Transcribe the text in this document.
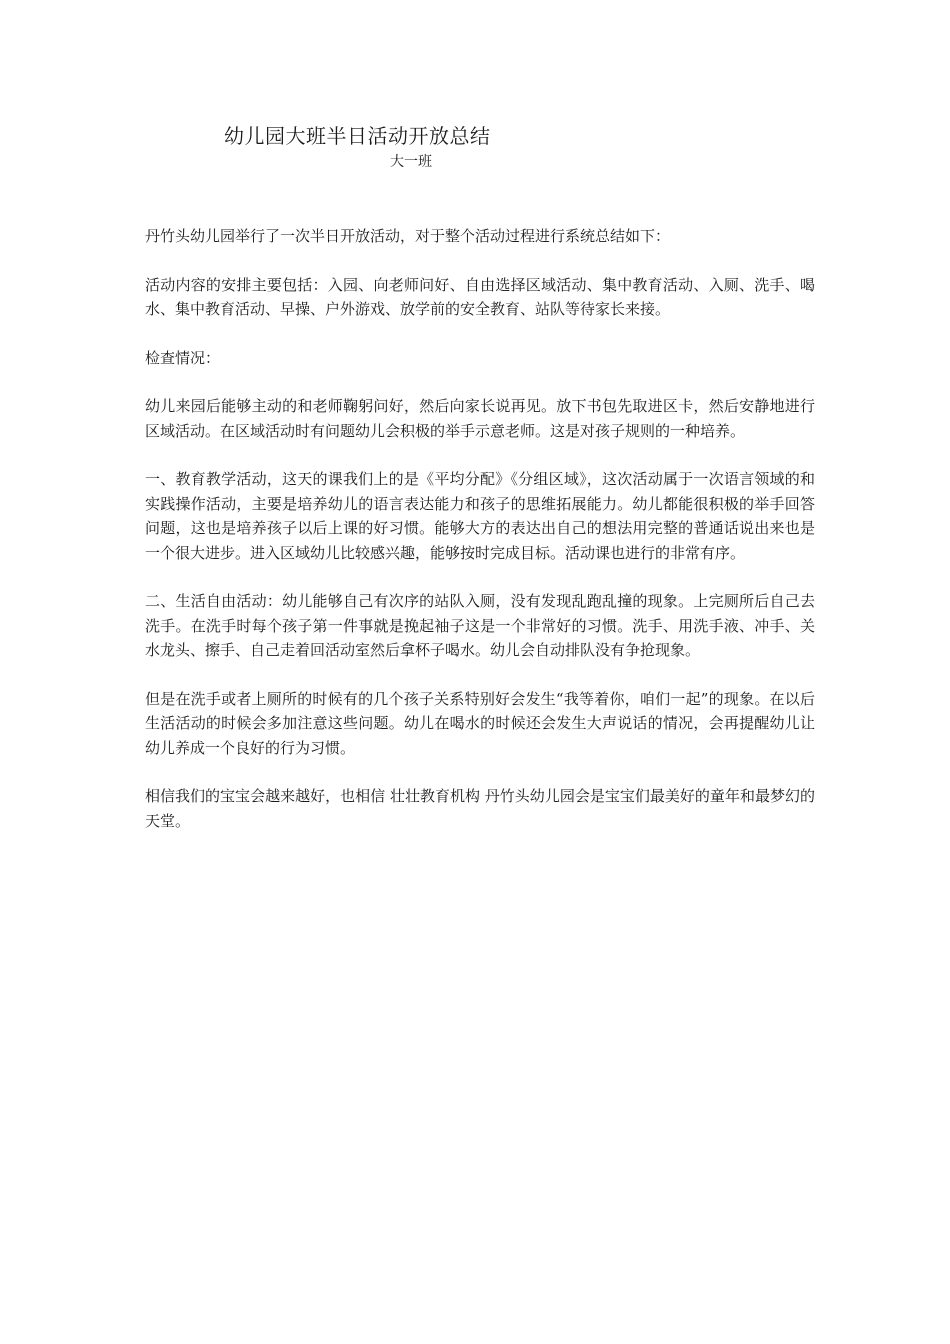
幼儿园大班半日活动开放总结
大一班

丹竹头幼儿园举行了一次半日开放活动，对于整个活动过程进行系统总结如下：

活动内容的安排主要包括：入园、向老师问好、自由选择区域活动、集中教育活动、入厕、洗手、喝水、集中教育活动、早操、户外游戏、放学前的安全教育、站队等待家长来接。

检查情况：

幼儿来园后能够主动的和老师鞠躬问好，然后向家长说再见。放下书包先取进区卡，然后安静地进行区域活动。在区域活动时有问题幼儿会积极的举手示意老师。这是对孩子规则的一种培养。

一、教育教学活动，这天的课我们上的是《平均分配》《分组区域》，这次活动属于一次语言领域的和实践操作活动，主要是培养幼儿的语言表达能力和孩子的思维拓展能力。幼儿都能很积极的举手回答问题，这也是培养孩子以后上课的好习惯。能够大方的表达出自己的想法用完整的普通话说出来也是一个很大进步。进入区域幼儿比较感兴趣，能够按时完成目标。活动课也进行的非常有序。

二、生活自由活动：幼儿能够自己有次序的站队入厕，没有发现乱跑乱撞的现象。上完厕所后自己去洗手。在洗手时每个孩子第一件事就是挽起袖子这是一个非常好的习惯。洗手、用洗手液、冲手、关水龙头、擦手、自己走着回活动室然后拿杯子喝水。幼儿会自动排队没有争抢现象。

但是在洗手或者上厕所的时候有的几个孩子关系特别好会发生“我等着你，咱们一起”的现象。在以后生活活动的时候会多加注意这些问题。幼儿在喝水的时候还会发生大声说话的情况，会再提醒幼儿让幼儿养成一个良好的行为习惯。

相信我们的宝宝会越来越好，也相信 壮壮教育机构 丹竹头幼儿园会是宝宝们最美好的童年和最梦幻的天堂。
